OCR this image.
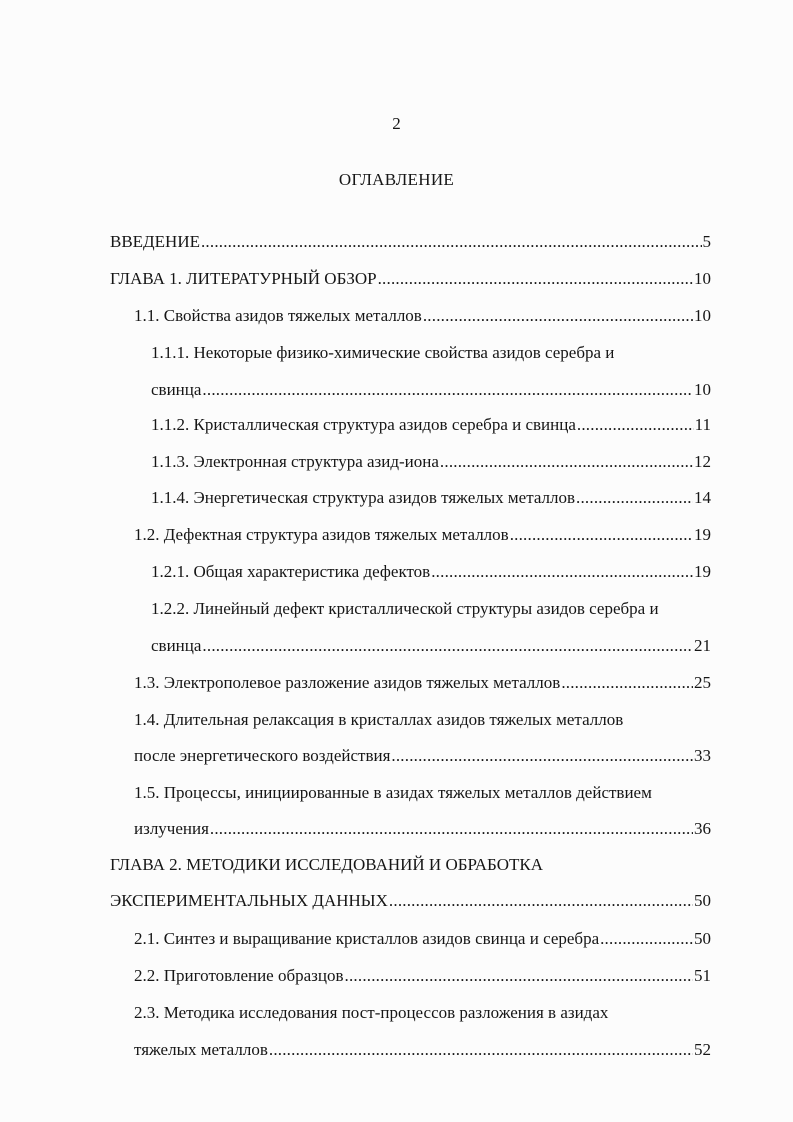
2
ОГЛАВЛЕНИЕ
ВВЕДЕНИЕ .....	5
ГЛАВА 1. ЛИТЕРАТУРНЫЙ ОБЗОР .....	10
1.1. Свойства азидов тяжелых металлов .....	10
1.1.1. Некоторые физико-химические свойства азидов серебра и
свинца .....	10
1.1.2. Кристаллическая структура азидов серебра и свинца .....	11
1.1.3. Электронная структура азид-иона .....	12
1.1.4. Энергетическая структура азидов тяжелых металлов .....	14
1.2. Дефектная структура азидов тяжелых металлов .....	19
1.2.1. Общая характеристика дефектов .....	19
1.2.2. Линейный дефект кристаллической структуры азидов серебра и
свинца .....	21
1.3. Электрополевое разложение азидов тяжелых металлов .....	25
1.4. Длительная релаксация в кристаллах азидов тяжелых металлов
после энергетического воздействия .....	33
1.5. Процессы, инициированные в азидах тяжелых металлов действием
излучения .....	36
ГЛАВА 2. МЕТОДИКИ ИССЛЕДОВАНИЙ И ОБРАБОТКА
ЭКСПЕРИМЕНТАЛЬНЫХ ДАННЫХ .....	50
2.1. Синтез и выращивание кристаллов азидов свинца и серебра .....	50
2.2. Приготовление образцов .....	51
2.3. Методика исследования пост-процессов разложения в азидах
тяжелых металлов .....	52
